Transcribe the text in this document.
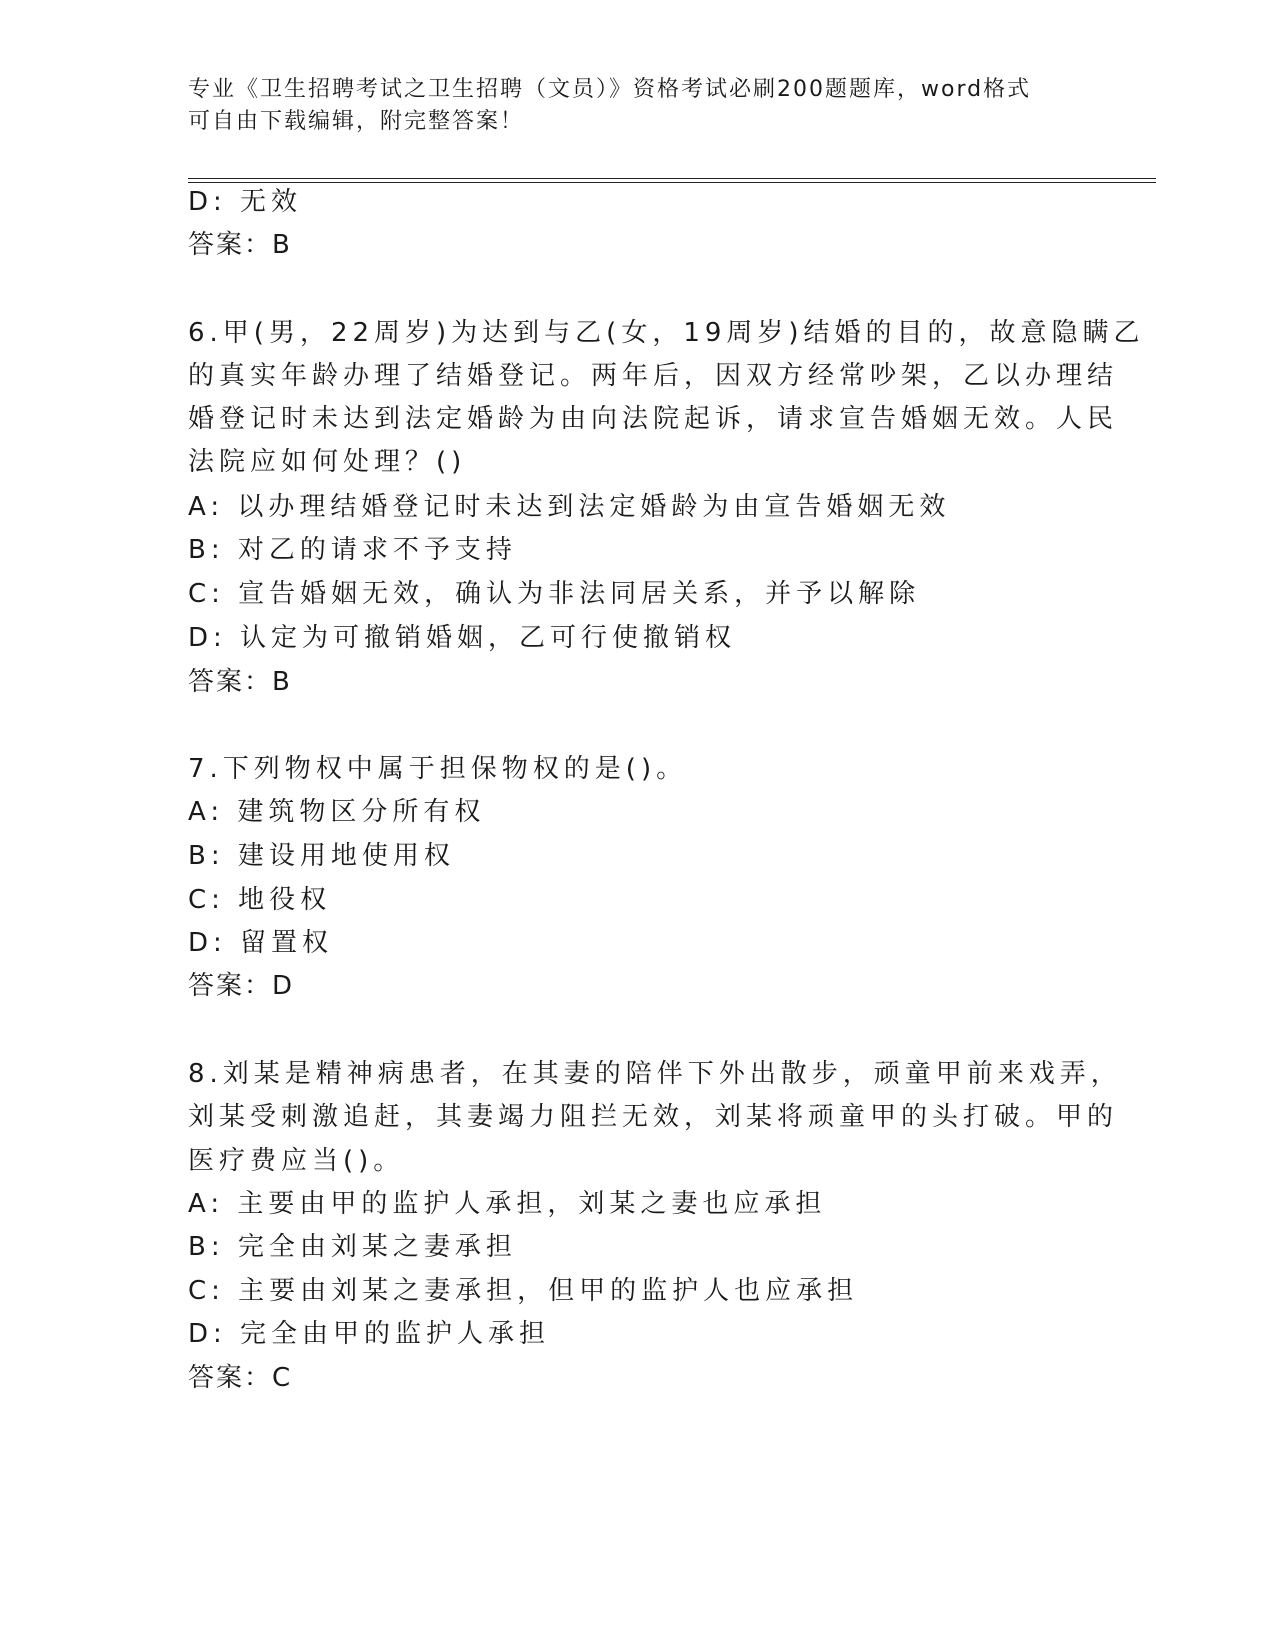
专业《卫生招聘考试之卫生招聘（文员）》资格考试必刷200题题库，word格式
可自由下载编辑，附完整答案！
D: 无效
答案：B
6.甲(男，22周岁)为达到与乙(女，19周岁)结婚的目的，故意隐瞒乙
的真实年龄办理了结婚登记。两年后，因双方经常吵架，乙以办理结
婚登记时未达到法定婚龄为由向法院起诉，请求宣告婚姻无效。人民
法院应如何处理？()
A: 以办理结婚登记时未达到法定婚龄为由宣告婚姻无效
B: 对乙的请求不予支持
C: 宣告婚姻无效，确认为非法同居关系，并予以解除
D: 认定为可撤销婚姻，乙可行使撤销权
答案：B
7.下列物权中属于担保物权的是()。
A: 建筑物区分所有权
B: 建设用地使用权
C: 地役权
D: 留置权
答案：D
8.刘某是精神病患者，在其妻的陪伴下外出散步，顽童甲前来戏弄，
刘某受刺激追赶，其妻竭力阻拦无效，刘某将顽童甲的头打破。甲的
医疗费应当()。
A: 主要由甲的监护人承担，刘某之妻也应承担
B: 完全由刘某之妻承担
C: 主要由刘某之妻承担，但甲的监护人也应承担
D: 完全由甲的监护人承担
答案：C
